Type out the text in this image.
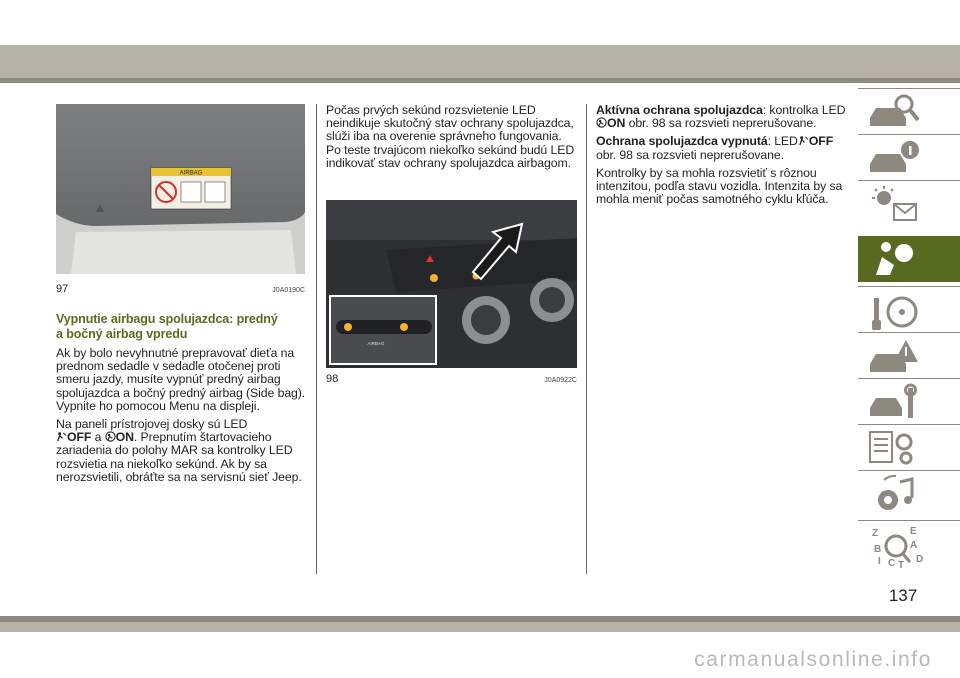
AIRBAG
97	J0A0190C
Vypnutie airbagu spolujazdca: predný
a bočný airbag vpredu

Ak by bolo nevyhnutné prepravovať dieťa na prednom sedadle v sedadle otočenej proti smeru jazdy, musíte vypnúť predný airbag spolujazdca a bočný predný airbag (Side bag). Vypnite ho pomocou Menu na displeji.

Na paneli prístrojovej dosky sú LED
OFF a ON. Prepnutím štartovacieho zariadenia do polohy MAR sa kontrolky LED rozsvietia na niekoľko sekúnd. Ak by sa nerozsvietili, obráťte sa na servisnú sieť Jeep.

Počas prvých sekúnd rozsvietenie LED neindikuje skutočný stav ochrany spolujazdca, slúži iba na overenie správneho fungovania. Po teste trvajúcom niekoľko sekúnd budú LED indikovať stav ochrany spolujazdca airbagom.

AIRBAG
98	J0A0922C

Aktívna ochrana spolujazdca: kontrolka LED ON obr. 98 sa rozsvieti neprerušovane.

Ochrana spolujazdca vypnutá: LED OFF obr. 98 sa rozsvieti neprerušovane.

Kontrolky by sa mohla rozsvietiť s rôznou intenzitou, podľa stavu vozidla. Intenzita by sa mohla meniť počas samotného cyklu kľúča.

Z	E
B	A
I C T
D
137
carmanualsonline.info
